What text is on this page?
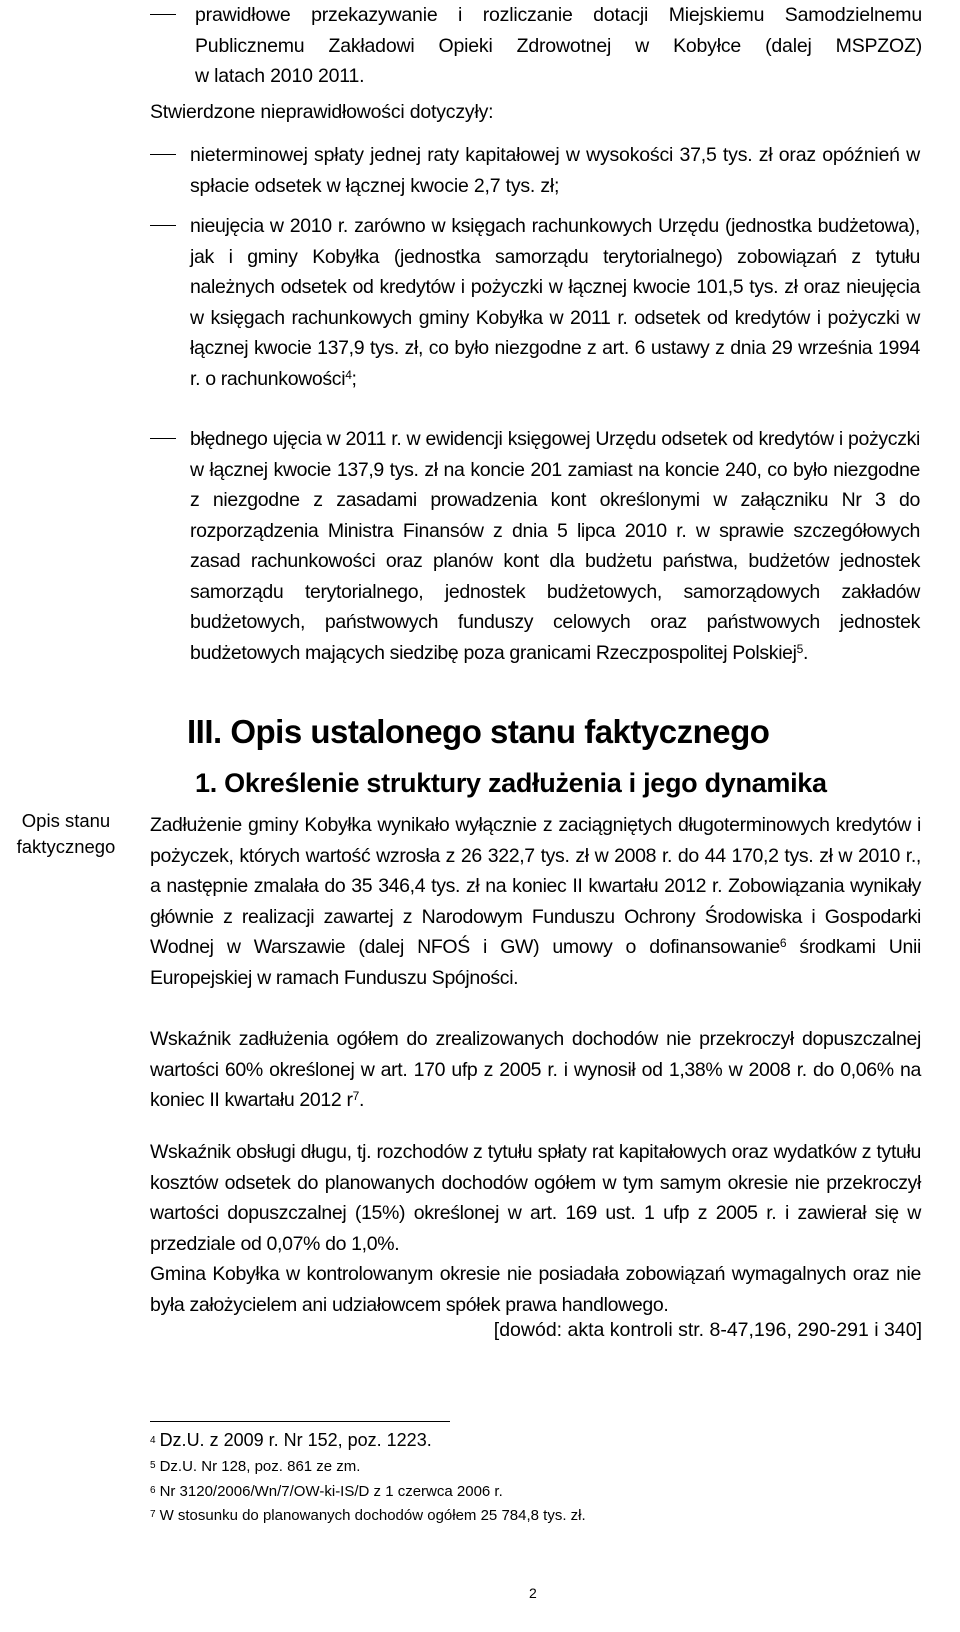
prawidłowe przekazywanie i rozliczanie dotacji Miejskiemu Samodzielnemu
Publicznemu Zakładowi Opieki Zdrowotnej w Kobyłce (dalej MSPZOZ)
w latach 2010 2011.
Stwierdzone nieprawidłowości dotyczyły:
nieterminowej spłaty jednej raty kapitałowej w wysokości 37,5 tys. zł oraz opóźnień w spłacie odsetek w łącznej kwocie 2,7 tys. zł;
nieujęcia w 2010 r. zarówno w księgach rachunkowych Urzędu (jednostka budżetowa), jak i gminy Kobyłka (jednostka samorządu terytorialnego) zobowiązań z tytułu należnych odsetek od kredytów i pożyczki w łącznej kwocie 101,5 tys. zł oraz nieujęcia w księgach rachunkowych gminy Kobyłka w 2011 r. odsetek od kredytów i pożyczki w łącznej kwocie 137,9 tys. zł, co było niezgodne z art. 6 ustawy z dnia 29 września 1994 r. o rachunkowości$^4$;
błędnego ujęcia w 2011 r. w ewidencji księgowej Urzędu odsetek od kredytów i pożyczki w łącznej kwocie 137,9 tys. zł na koncie 201 zamiast na koncie 240, co było niezgodne z niezgodne z zasadami prowadzenia kont określonymi w załączniku Nr 3 do rozporządzenia Ministra Finansów z dnia 5 lipca 2010 r. w sprawie szczegółowych zasad rachunkowości oraz planów kont dla budżetu państwa, budżetów jednostek samorządu terytorialnego, jednostek budżetowych, samorządowych zakładów budżetowych, państwowych funduszy celowych oraz państwowych jednostek budżetowych mających siedzibę poza granicami Rzeczpospolitej Polskiej$^5$.
III. Opis ustalonego stanu faktycznego
1. Określenie struktury zadłużenia i jego dynamika
Opis stanu
faktycznego
Zadłużenie gminy Kobyłka wynikało wyłącznie z zaciągniętych długoterminowych kredytów i pożyczek, których wartość wzrosła z 26 322,7 tys. zł w 2008 r. do 44 170,2 tys. zł w 2010 r., a następnie zmalała do 35 346,4 tys. zł na koniec II kwartału 2012 r. Zobowiązania wynikały głównie z realizacji zawartej z Narodowym Funduszu Ochrony Środowiska i Gospodarki Wodnej w Warszawie (dalej NFOŚ i GW) umowy o dofinansowanie$^6$ środkami Unii Europejskiej w ramach Funduszu Spójności.
Wskaźnik zadłużenia ogółem do zrealizowanych dochodów nie przekroczył dopuszczalnej wartości 60% określonej w art. 170 ufp z 2005 r. i wynosił od 1,38% w 2008 r. do 0,06% na koniec II kwartału 2012 r$^7$.
Wskaźnik obsługi długu, tj. rozchodów z tytułu spłaty rat kapitałowych oraz wydatków z tytułu kosztów odsetek do planowanych dochodów ogółem w tym samym okresie nie przekroczył wartości dopuszczalnej (15%) określonej w art. 169 ust. 1 ufp z 2005 r. i zawierał się w przedziale od 0,07% do 1,0%.
Gmina Kobyłka w kontrolowanym okresie nie posiadała zobowiązań wymagalnych oraz nie była założycielem ani udziałowcem spółek prawa handlowego.
[dowód: akta kontroli str. 8-47,196, 290-291 i 340]
$^4$ Dz.U. z 2009 r. Nr 152, poz. 1223.
$^5$ Dz.U. Nr 128, poz. 861 ze zm.
$^6$ Nr 3120/2006/Wn/7/OW-ki-IS/D z 1 czerwca 2006 r.
$^7$ W stosunku do planowanych dochodów ogółem 25 784,8 tys. zł.
2
